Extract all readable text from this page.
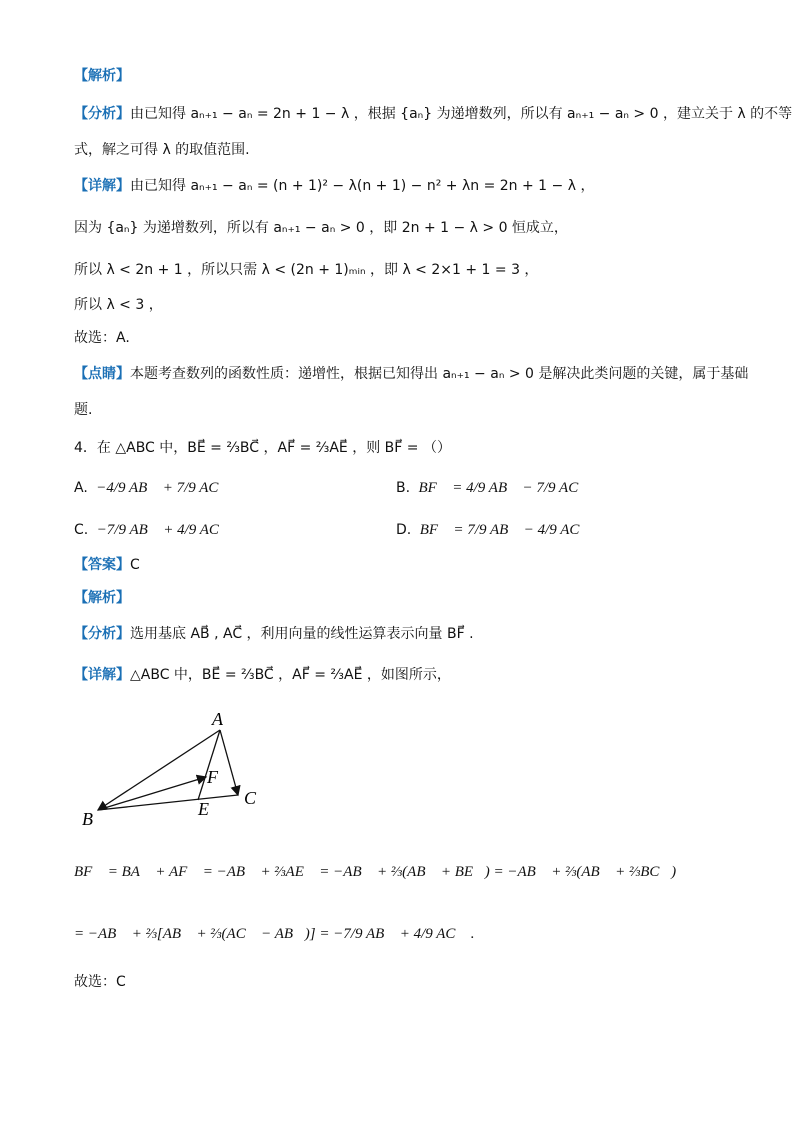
【解析】
【分析】由已知得 aₙ₊₁ − aₙ = 2n + 1 − λ ，根据 {aₙ} 为递增数列，所以有 aₙ₊₁ − aₙ > 0 ，建立关于 λ 的不等
式，解之可得 λ 的取值范围.
【详解】由已知得 aₙ₊₁ − aₙ = (n + 1)² − λ(n + 1) − n² + λn = 2n + 1 − λ ，
因为 {aₙ} 为递增数列，所以有 aₙ₊₁ − aₙ > 0 ，即 2n + 1 − λ > 0 恒成立，
所以 λ < 2n + 1 ，所以只需 λ < (2n + 1)ₘᵢₙ ，即 λ < 2×1 + 1 = 3 ，
所以 λ < 3 ，
故选：A.
【点睛】本题考查数列的函数性质：递增性，根据已知得出 aₙ₊₁ − aₙ > 0 是解决此类问题的关键，属于基础
题.
4．在 △ABC 中，BE⃗ = ⅔BC⃗ ，AF⃗ = ⅔AE⃗ ，则 BF⃗ = （）
A. −4/9 AB⃗ + 7/9 AC⃗	B. BF⃗ = 4/9 AB⃗ − 7/9 AC⃗
C. −7/9 AB⃗ + 4/9 AC⃗	D. BF⃗ = 7/9 AB⃗ − 4/9 AC⃗
【答案】C
【解析】
【分析】选用基底 AB⃗ , AC⃗ ，利用向量的线性运算表示向量 BF⃗ .
【详解】△ABC 中，BE⃗ = ⅔BC⃗ ，AF⃗ = ⅔AE⃗ ，如图所示，
A
B
C
E
F
BF⃗ = BA⃗ + AF⃗ = −AB⃗ + ⅔AE⃗ = −AB⃗ + ⅔(AB⃗ + BE⃗) = −AB⃗ + ⅔(AB⃗ + ⅔BC⃗)
= −AB⃗ + ⅔[AB⃗ + ⅔(AC⃗ − AB⃗)] = −7/9 AB⃗ + 4/9 AC⃗ .
故选：C
